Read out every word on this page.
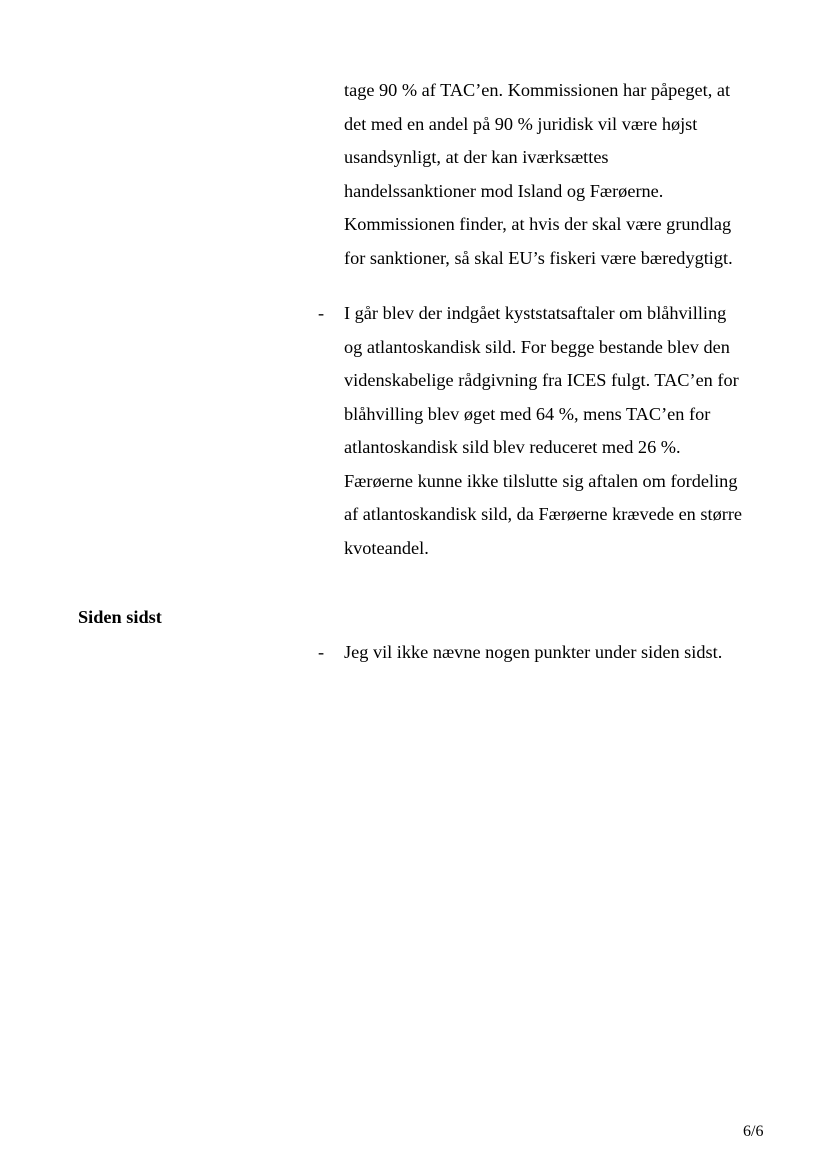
tage 90 % af TAC’en. Kommissionen har påpeget, at
det med en andel på 90 % juridisk vil være højst
usandsynligt, at der kan iværksættes
handelssanktioner mod Island og Færøerne.
Kommissionen finder, at hvis der skal være grundlag
for sanktioner, så skal EU’s fiskeri være bæredygtigt.
- I går blev der indgået kyststatsaftaler om blåhvilling
og atlantoskandisk sild. For begge bestande blev den
videnskabelige rådgivning fra ICES fulgt. TAC’en for
blåhvilling blev øget med 64 %, mens TAC’en for
atlantoskandisk sild blev reduceret med 26 %.
Færøerne kunne ikke tilslutte sig aftalen om fordeling
af atlantoskandisk sild, da Færøerne krævede en større
kvoteandel.
Siden sidst
- Jeg vil ikke nævne nogen punkter under siden sidst.
6/6
